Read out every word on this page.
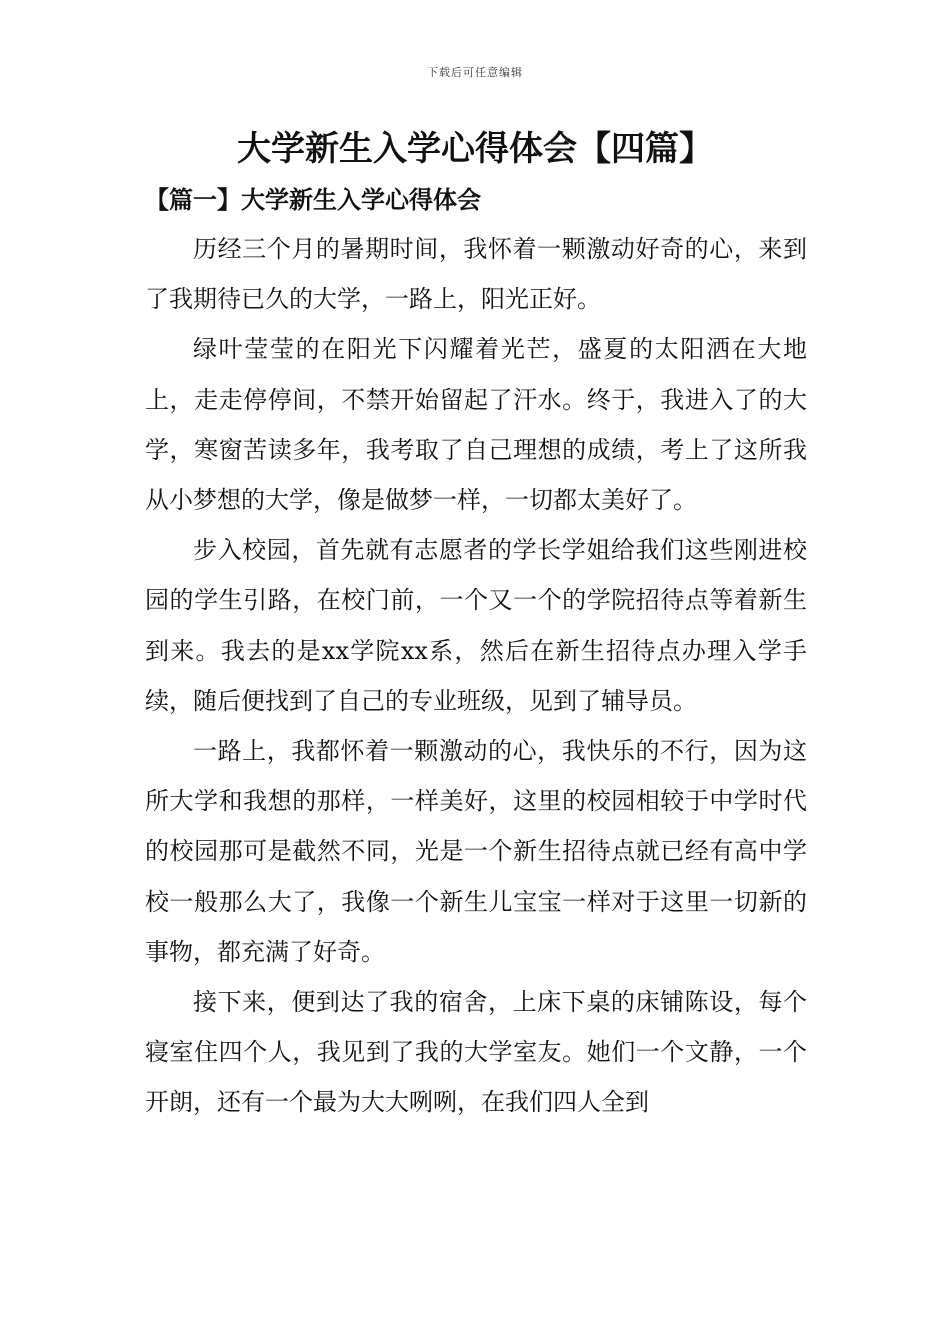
下载后可任意编辑
大学新生入学心得体会【四篇】
【篇一】大学新生入学心得体会

历经三个月的暑期时间，我怀着一颗激动好奇的心，来到了我期待已久的大学，一路上，阳光正好。

绿叶莹莹的在阳光下闪耀着光芒，盛夏的太阳洒在大地上，走走停停间，不禁开始留起了汗水。终于，我进入了的大学，寒窗苦读多年，我考取了自己理想的成绩，考上了这所我从小梦想的大学，像是做梦一样，一切都太美好了。

步入校园，首先就有志愿者的学长学姐给我们这些刚进校园的学生引路，在校门前，一个又一个的学院招待点等着新生到来。我去的是xx学院xx系，然后在新生招待点办理入学手续，随后便找到了自己的专业班级，见到了辅导员。

一路上，我都怀着一颗激动的心，我快乐的不行，因为这所大学和我想的那样，一样美好，这里的校园相较于中学时代的校园那可是截然不同，光是一个新生招待点就已经有高中学校一般那么大了，我像一个新生儿宝宝一样对于这里一切新的事物，都充满了好奇。

接下来，便到达了我的宿舍，上床下桌的床铺陈设，每个寝室住四个人，我见到了我的大学室友。她们一个文静，一个开朗，还有一个最为大大咧咧，在我们四人全到
